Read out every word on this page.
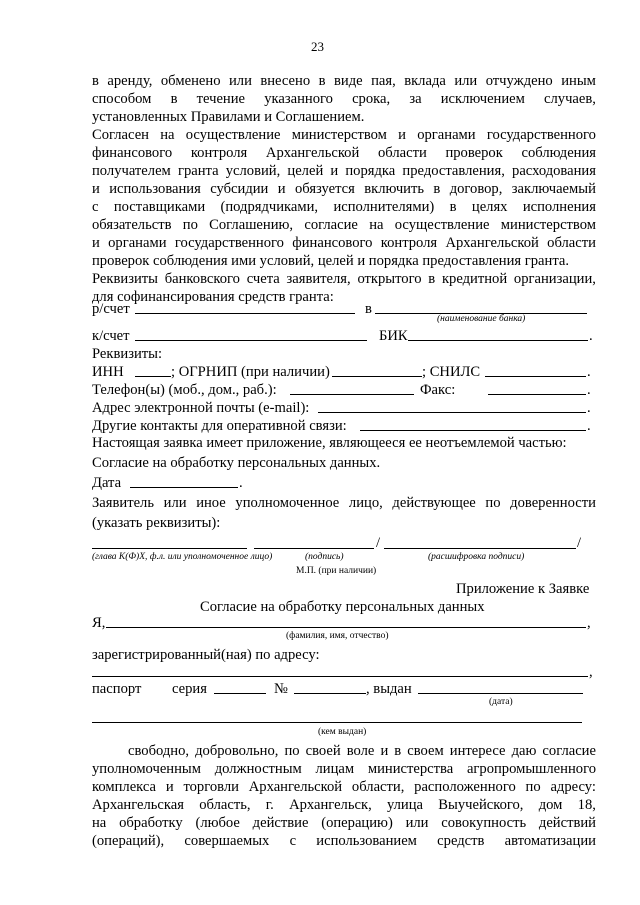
23
в аренду, обменено или внесено в виде пая, вклада или отчуждено иным
способом в течение указанного срока, за исключением случаев,
установленных Правилами и Соглашением.
Согласен на осуществление министерством и органами государственного
финансового контроля Архангельской области проверок соблюдения
получателем гранта условий, целей и порядка предоставления, расходования
и использования субсидии и обязуется включить в договор, заключаемый
с поставщиками (подрядчиками, исполнителями) в целях исполнения
обязательств по Соглашению, согласие на осуществление министерством
и органами государственного финансового контроля Архангельской области
проверок соблюдения ими условий, целей и порядка предоставления гранта.
Реквизиты банковского счета заявителя, открытого в кредитной организации,
для софинансирования средств гранта:
р/счет	в
(наименование банка)
к/счет	БИК	.
Реквизиты:
ИНН	; ОГРНИП (при наличии)	; СНИЛС	.
Телефон(ы) (моб., дом., раб.):	Факс:	.
Адрес электронной почты (e-mail):	.
Другие контакты для оперативной связи:	.
Настоящая заявка имеет приложение, являющееся ее неотъемлемой частью:
Согласие на обработку персональных данных.
Дата	.
Заявитель или иное уполномоченное лицо, действующее по доверенности
(указать реквизиты):
/	/
(глава К(Ф)Х, ф.л. или уполномоченное лицо)	(подпись)	(расшифровка подписи)
М.П. (при наличии)
Приложение к Заявке
Согласие на обработку персональных данных
Я,	,
(фамилия, имя, отчество)
зарегистрированный(ная) по адресу:
,
паспорт серия	№	, выдан
(дата)
(кем выдан)
свободно, добровольно, по своей воле и в своем интересе даю согласие
уполномоченным должностным лицам министерства агропромышленного
комплекса и торговли Архангельской области, расположенного по адресу:
Архангельская область, г. Архангельск, улица Выучейского, дом 18,
на обработку (любое действие (операцию) или совокупность действий
(операций), совершаемых с использованием средств автоматизации
